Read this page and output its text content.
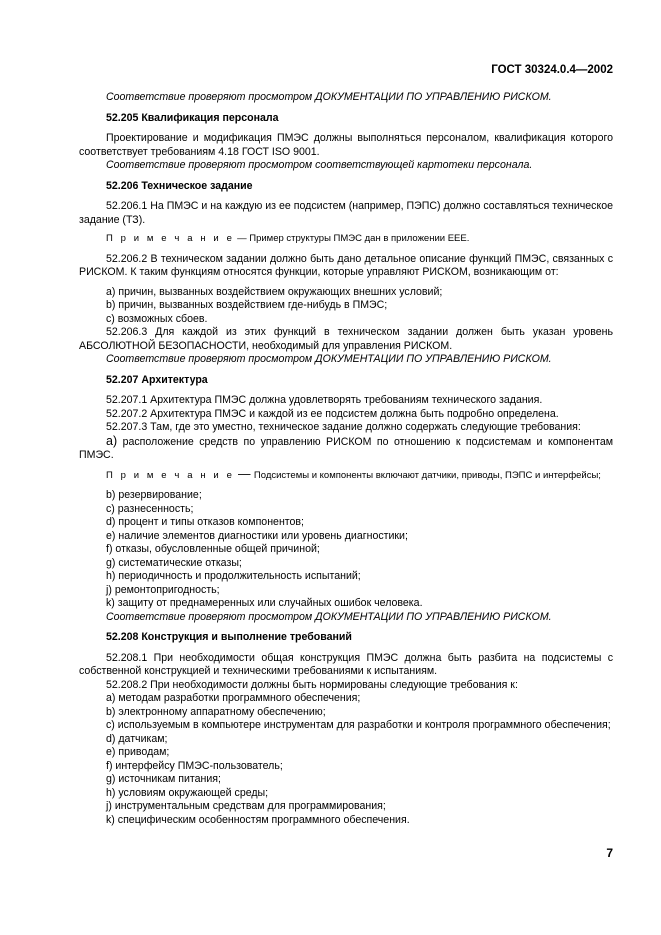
ГОСТ 30324.0.4—2002

Соответствие проверяют просмотром ДОКУМЕНТАЦИИ ПО УПРАВЛЕНИЮ РИСКОМ.

52.205 Квалификация персонала

Проектирование и модификация ПМЭС должны выполняться персоналом, квалификация которого соответствует требованиям 4.18 ГОСТ ISO 9001.

Соответствие проверяют просмотром соответствующей картотеки персонала.

52.206 Техническое задание

52.206.1 На ПМЭС и на каждую из ее подсистем (например, ПЭПС) должно составляться техническое задание (ТЗ).

П р и м е ч а н и е — Пример структуры ПМЭС дан в приложении ЕЕЕ.

52.206.2 В техническом задании должно быть дано детальное описание функций ПМЭС, связанных с РИСКОМ. К таким функциям относятся функции, которые управляют РИСКОМ, возникающим от:

a) причин, вызванных воздействием окружающих внешних условий;

b) причин, вызванных воздействием где-нибудь в ПМЭС;

c) возможных сбоев.

52.206.3 Для каждой из этих функций в техническом задании должен быть указан уровень АБСОЛЮТНОЙ БЕЗОПАСНОСТИ, необходимый для управления РИСКОМ.

Соответствие проверяют просмотром ДОКУМЕНТАЦИИ ПО УПРАВЛЕНИЮ РИСКОМ.

52.207 Архитектура

52.207.1 Архитектура ПМЭС должна удовлетворять требованиям технического задания.

52.207.2 Архитектура ПМЭС и каждой из ее подсистем должна быть подробно определена.

52.207.3 Там, где это уместно, техническое задание должно содержать следующие требования:

a) расположение средств по управлению РИСКОМ по отношению к подсистемам и компонентам ПМЭС.

П р и м е ч а н и е — Подсистемы и компоненты включают датчики, приводы, ПЭПС и интерфейсы;

b) резервирование;

c) разнесенность;

d) процент и типы отказов компонентов;

e) наличие элементов диагностики или уровень диагностики;

f) отказы, обусловленные общей причиной;

g) систематические отказы;

h) периодичность и продолжительность испытаний;

j) ремонтопригодность;

k) защиту от преднамеренных или случайных ошибок человека.

Соответствие проверяют просмотром ДОКУМЕНТАЦИИ ПО УПРАВЛЕНИЮ РИСКОМ.

52.208 Конструкция и выполнение требований

52.208.1 При необходимости общая конструкция ПМЭС должна быть разбита на подсистемы с собственной конструкцией и техническими требованиями к испытаниям.

52.208.2 При необходимости должны быть нормированы следующие требования к:

a) методам разработки программного обеспечения;

b) электронному аппаратному обеспечению;

c) используемым в компьютере инструментам для разработки и контроля программного обеспечения;

d) датчикам;

e) приводам;

f) интерфейсу ПМЭС-пользователь;

g) источникам питания;

h) условиям окружающей среды;

j) инструментальным средствам для программирования;

k) специфическим особенностям программного обеспечения.

7
